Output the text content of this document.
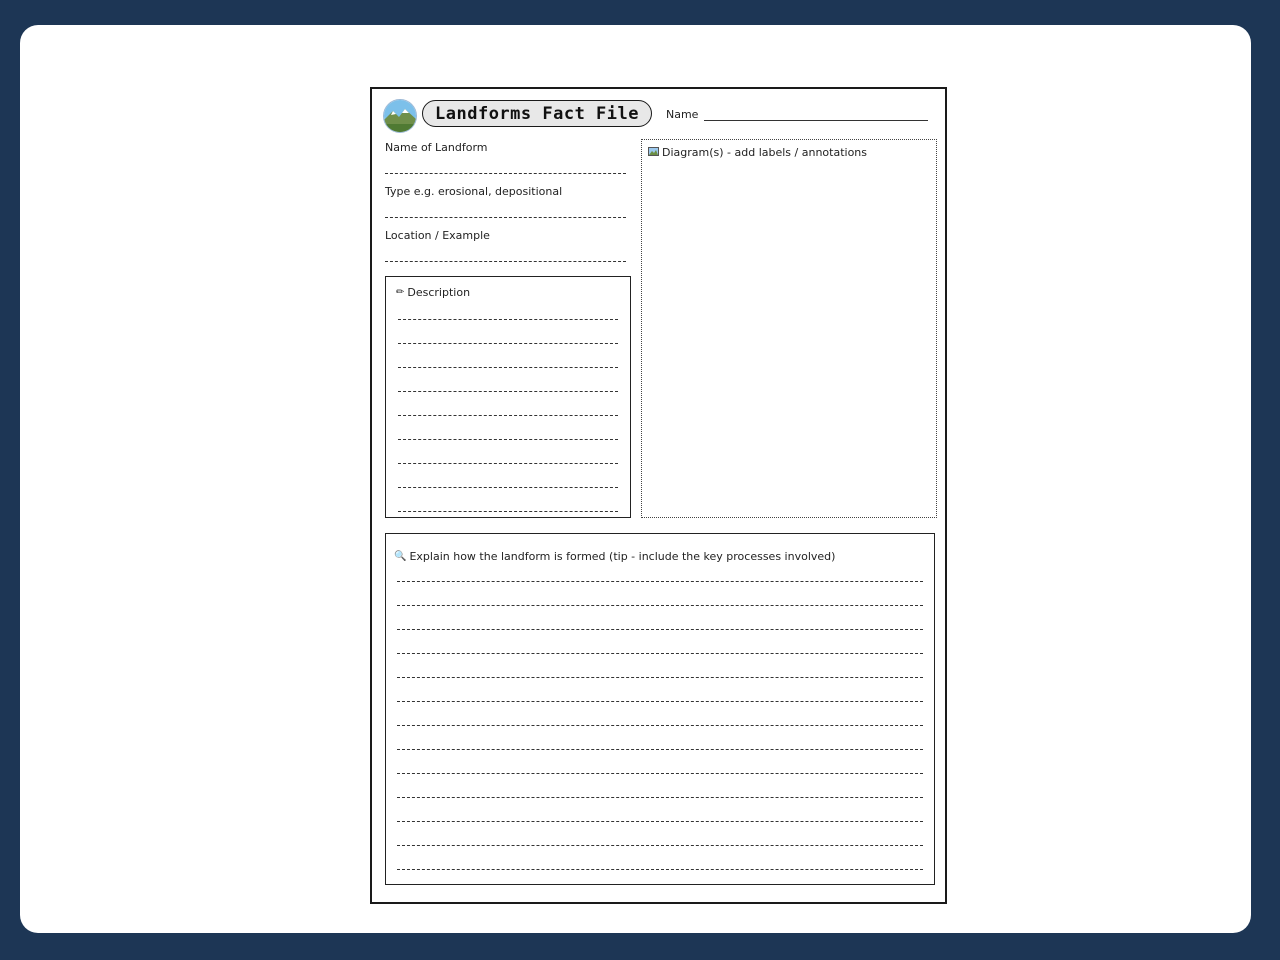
Landforms Fact File Name
Name of Landform
Type e.g. erosional, depositional
Location / Example
✏ Description
Diagram(s) - add labels / annotations
🔍 Explain how the landform is formed (tip - include the key processes involved)
